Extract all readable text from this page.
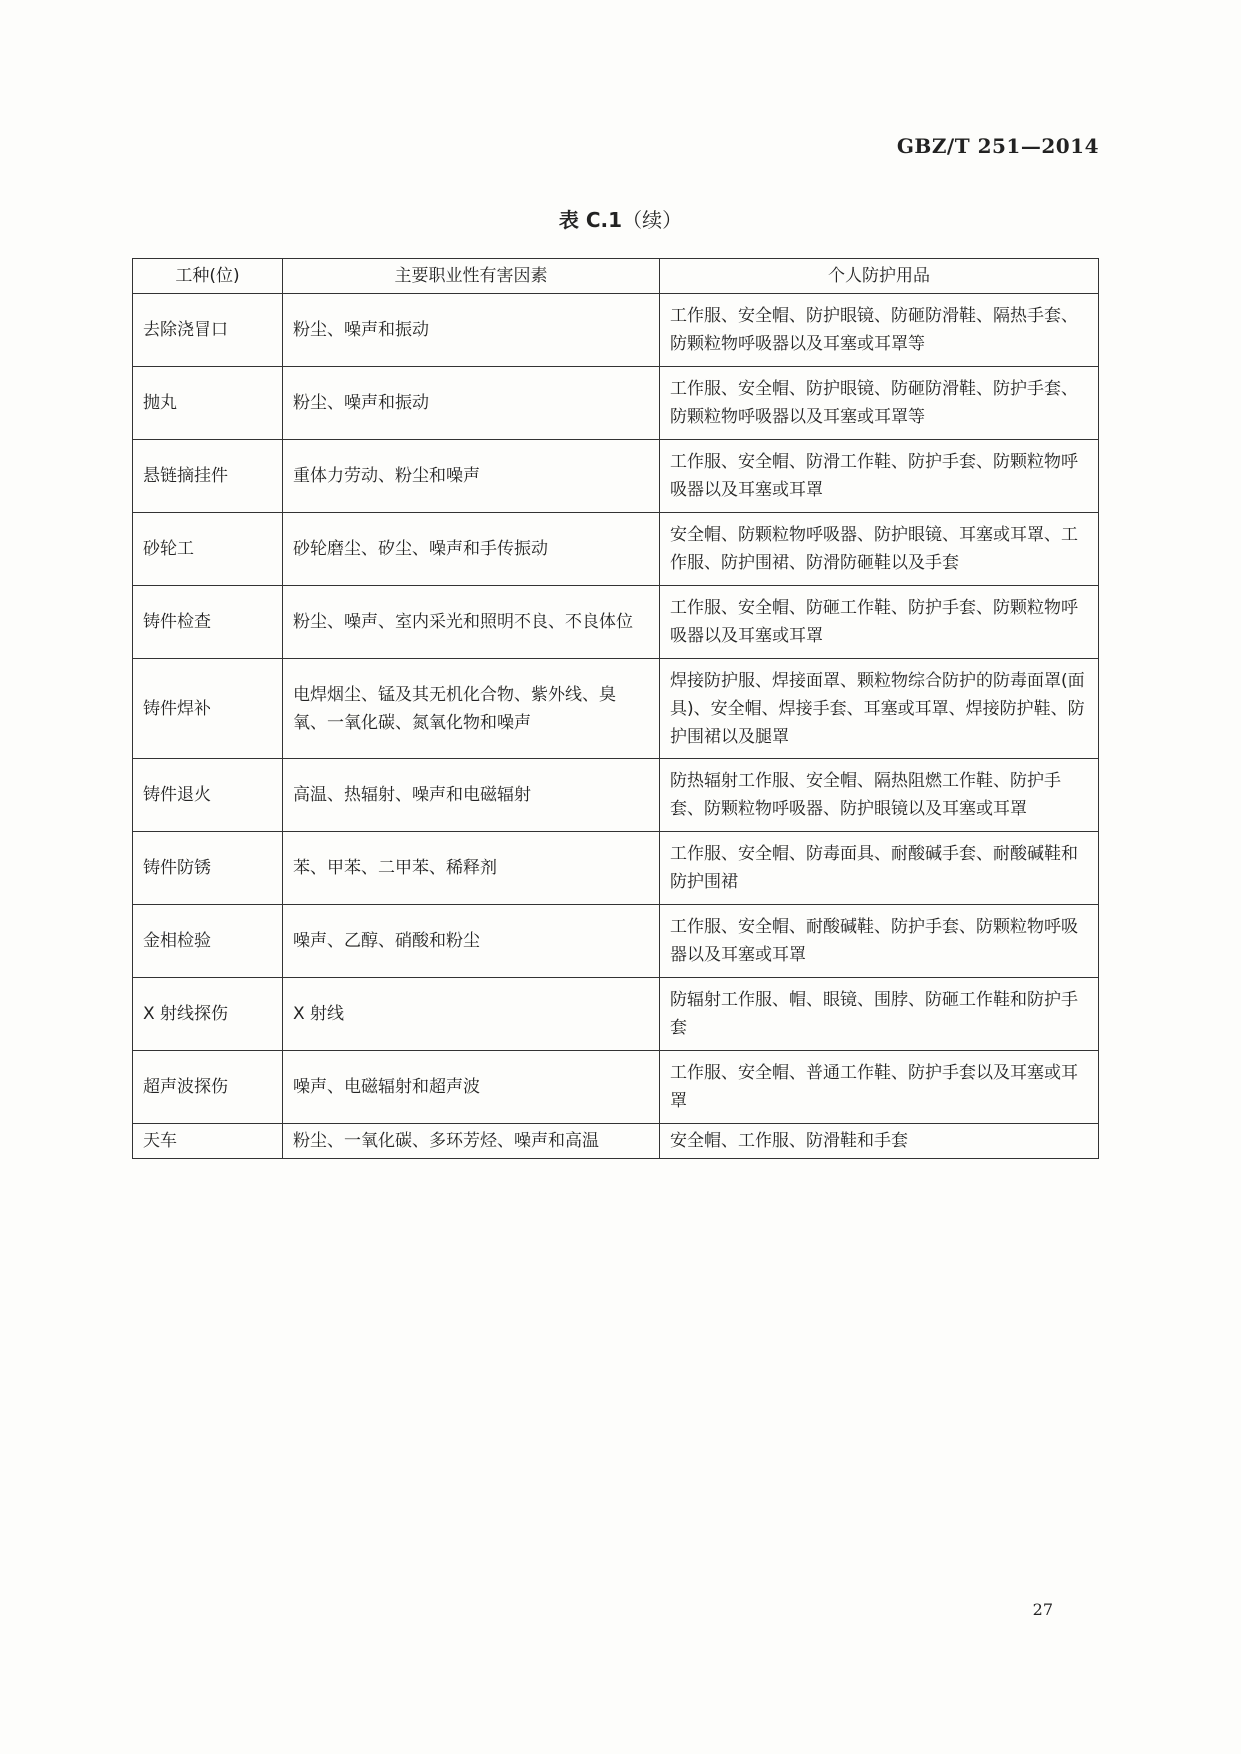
GBZ/T 251—2014
表 C.1（续）
工种(位)	主要职业性有害因素	个人防护用品
去除浇冒口	粉尘、噪声和振动	工作服、安全帽、防护眼镜、防砸防滑鞋、隔热手套、防颗粒物呼吸器以及耳塞或耳罩等
抛丸	粉尘、噪声和振动	工作服、安全帽、防护眼镜、防砸防滑鞋、防护手套、防颗粒物呼吸器以及耳塞或耳罩等
悬链摘挂件	重体力劳动、粉尘和噪声	工作服、安全帽、防滑工作鞋、防护手套、防颗粒物呼吸器以及耳塞或耳罩
砂轮工	砂轮磨尘、矽尘、噪声和手传振动	安全帽、防颗粒物呼吸器、防护眼镜、耳塞或耳罩、工作服、防护围裙、防滑防砸鞋以及手套
铸件检查	粉尘、噪声、室内采光和照明不良、不良体位	工作服、安全帽、防砸工作鞋、防护手套、防颗粒物呼吸器以及耳塞或耳罩
铸件焊补	电焊烟尘、锰及其无机化合物、紫外线、臭氧、一氧化碳、氮氧化物和噪声	焊接防护服、焊接面罩、颗粒物综合防护的防毒面罩(面具)、安全帽、焊接手套、耳塞或耳罩、焊接防护鞋、防护围裙以及腿罩
铸件退火	高温、热辐射、噪声和电磁辐射	防热辐射工作服、安全帽、隔热阻燃工作鞋、防护手套、防颗粒物呼吸器、防护眼镜以及耳塞或耳罩
铸件防锈	苯、甲苯、二甲苯、稀释剂	工作服、安全帽、防毒面具、耐酸碱手套、耐酸碱鞋和防护围裙
金相检验	噪声、乙醇、硝酸和粉尘	工作服、安全帽、耐酸碱鞋、防护手套、防颗粒物呼吸器以及耳塞或耳罩
X 射线探伤	X 射线	防辐射工作服、帽、眼镜、围脖、防砸工作鞋和防护手套
超声波探伤	噪声、电磁辐射和超声波	工作服、安全帽、普通工作鞋、防护手套以及耳塞或耳罩
天车	粉尘、一氧化碳、多环芳烃、噪声和高温	安全帽、工作服、防滑鞋和手套
27
